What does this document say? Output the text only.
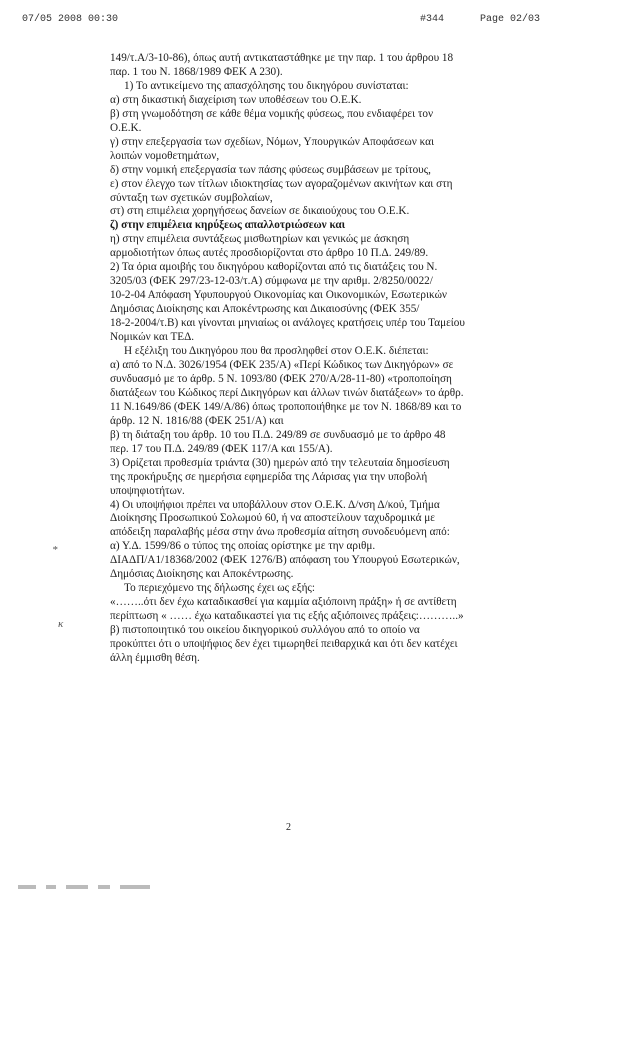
07/05 2008 00:30	#344	Page 02/03
149/τ.Α/3-10-86), όπως αυτή αντικαταστάθηκε με την παρ. 1 του άρθρου 18
παρ. 1 του Ν. 1868/1989 ΦΕΚ Α 230).
1) Το αντικείμενο της απασχόλησης του δικηγόρου συνίσταται:
α) στη δικαστική διαχείριση των υποθέσεων του Ο.Ε.Κ.
β) στη γνωμοδότηση σε κάθε θέμα νομικής φύσεως, που ενδιαφέρει τον
Ο.Ε.Κ.
γ) στην επεξεργασία των σχεδίων, Νόμων, Υπουργικών Αποφάσεων και
λοιπών νομοθετημάτων,
δ) στην νομική επεξεργασία των πάσης φύσεως συμβάσεων με τρίτους,
ε) στον έλεγχο των τίτλων ιδιοκτησίας των αγοραζομένων ακινήτων και στη
σύνταξη των σχετικών συμβολαίων,
στ) στη επιμέλεια χορηγήσεως δανείων σε δικαιούχους του Ο.Ε.Κ.
ζ) στην επιμέλεια κηρύξεως απαλλοτριώσεων και
η) στην επιμέλεια συντάξεως μισθωτηρίων και γενικώς με άσκηση
αρμοδιοτήτων όπως αυτές προσδιορίζονται στο άρθρο 10 Π.Δ. 249/89.
2) Τα όρια αμοιβής του δικηγόρου καθορίζονται από τις διατάξεις του Ν.
3205/03 (ΦΕΚ 297/23-12-03/τ.Α) σύμφωνα με την αριθμ. 2/8250/0022/
10-2-04 Απόφαση Υφυπουργού Οικονομίας και Οικονομικών, Εσωτερικών
Δημόσιας Διοίκησης και Αποκέντρωσης και Δικαιοσύνης (ΦΕΚ 355/
18-2-2004/τ.Β) και γίνονται μηνιαίως οι ανάλογες κρατήσεις υπέρ του Ταμείου
Νομικών και ΤΕΔ.
Η εξέλιξη του Δικηγόρου που θα προσληφθεί στον Ο.Ε.Κ. διέπεται:
α) από το Ν.Δ. 3026/1954 (ΦΕΚ 235/Α) «Περί Κώδικος των Δικηγόρων» σε
συνδυασμό με το άρθρ. 5 Ν. 1093/80 (ΦΕΚ 270/Α/28-11-80) «τροποποίηση
διατάξεων του Κώδικος περί Δικηγόρων και άλλων τινών διατάξεων» το άρθρ.
11 Ν.1649/86 (ΦΕΚ 149/Α/86) όπως τροποποιήθηκε με τον Ν. 1868/89 και το
άρθρ. 12 Ν. 1816/88 (ΦΕΚ 251/Α) και
β) τη διάταξη του άρθρ. 10 του Π.Δ. 249/89 σε συνδυασμό με το άρθρο 48
περ. 17 του Π.Δ. 249/89 (ΦΕΚ 117/Α και 155/Α).
3) Ορίζεται προθεσμία τριάντα (30) ημερών από την τελευταία δημοσίευση
της προκήρυξης σε ημερήσια εφημερίδα της Λάρισας για την υποβολή
υποψηφιοτήτων.
4) Οι υποψήφιοι πρέπει να υποβάλλουν στον Ο.Ε.Κ. Δ/νση Δ/κού, Τμήμα
Διοίκησης Προσωπικού Σολωμού 60, ή να αποστείλουν ταχυδρομικά με
απόδειξη παραλαβής μέσα στην άνω προθεσμία αίτηση συνοδευόμενη από:
α) Υ.Δ. 1599/86 ο τύπος της οποίας ορίστηκε με την αριθμ.
ΔΙΑΔΠ/Α1/18368/2002 (ΦΕΚ 1276/Β) απόφαση του Υπουργού Εσωτερικών,
Δημόσιας Διοίκησης και Αποκέντρωσης.
Το περιεχόμενο της δήλωσης έχει ως εξής:
«……..ότι δεν έχω καταδικασθεί για καμμία αξιόποινη πράξη» ή σε αντίθετη
περίπτωση « …… έχω καταδικαστεί για τις εξής αξιόποινες πράξεις:………..»
β) πιστοποιητικό του οικείου δικηγορικού συλλόγου από το οποίο να
προκύπτει ότι ο υποψήφιος δεν έχει τιμωρηθεί πειθαρχικά και ότι δεν κατέχει
άλλη έμμισθη θέση.
*
κ
2
